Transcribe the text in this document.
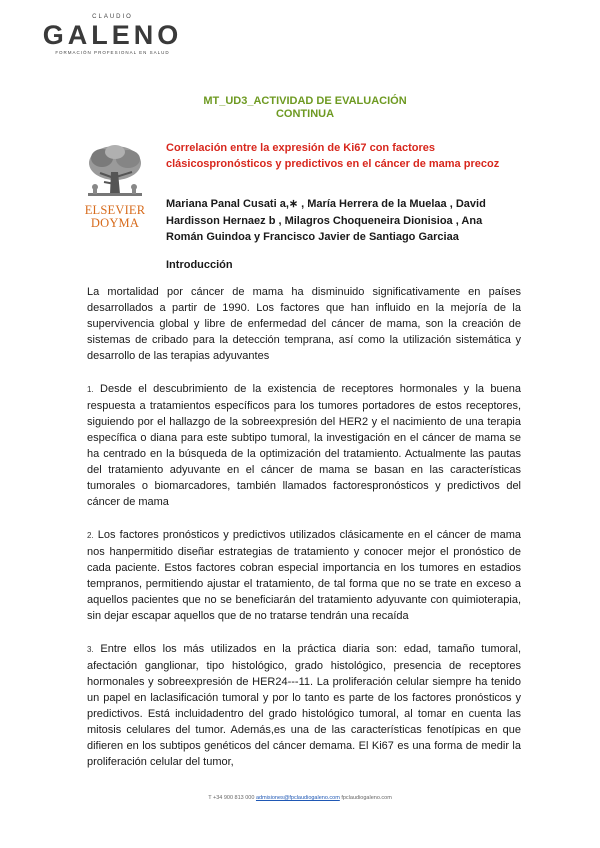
CLAUDIO
GALENO
FORMACIÓN PROFESIONAL EN SALUD
MT_UD3_ACTIVIDAD DE EVALUACIÓN
CONTINUA
ELSEVIER
DOYMA
Correlación entre la expresión de Ki67 con factores clásicospronósticos y predictivos en el cáncer de mama precoz
Mariana Panal Cusati a,∗ , María Herrera de la Muelaa , David Hardisson Hernaez b , Milagros Choqueneira Dionisioa , Ana Román Guindoa y Francisco Javier de Santiago Garciaa
Introducción

La mortalidad por cáncer de mama ha disminuido significativamente en países desarrollados a partir de 1990. Los factores que han influido en la mejoría de la supervivencia global y libre de enfermedad del cáncer de mama, son la creación de sistemas de cribado para la detección temprana, así como la utilización sistemática y desarrollo de las terapias adyuvantes

1. Desde el descubrimiento de la existencia de receptores hormonales y la buena respuesta a tratamientos específicos para los tumores portadores de estos receptores, siguiendo por el hallazgo de la sobreexpresión del HER2 y el nacimiento de una terapia específica o diana para este subtipo tumoral, la investigación en el cáncer de mama se ha centrado en la búsqueda de la optimización del tratamiento. Actualmente las pautas del tratamiento adyuvante en el cáncer de mama se basan en las características tumorales o biomarcadores, también llamados factorespronósticos y predictivos del cáncer de mama

2. Los factores pronósticos y predictivos utilizados clásicamente en el cáncer de mama nos hanpermitido diseñar estrategias de tratamiento y conocer mejor el pronóstico de cada paciente. Estos factores cobran especial importancia en los tumores en estadios tempranos, permitiendo ajustar el tratamiento, de tal forma que no se trate en exceso a aquellos pacientes que no se beneficiarán del tratamiento adyuvante con quimioterapia, sin dejar escapar aquellos que de no tratarse tendrán una recaída

3. Entre ellos los más utilizados en la práctica diaria son: edad, tamaño tumoral, afectación ganglionar, tipo histológico, grado histológico, presencia de receptores hormonales y sobreexpresión de HER24---11. La proliferación celular siempre ha tenido un papel en laclasificación tumoral y por lo tanto es parte de los factores pronósticos y predictivos. Está incluidadentro del grado histológico tumoral, al tomar en cuenta las mitosis celulares del tumor. Además,es una de las características fenotípicas en que difieren en los subtipos genéticos del cáncer demama. El Ki67 es una forma de medir la proliferación celular del tumor,

T +34 900 813 000 admisiones@fpclaudiogaleno.com fpclaudiogaleno.com
